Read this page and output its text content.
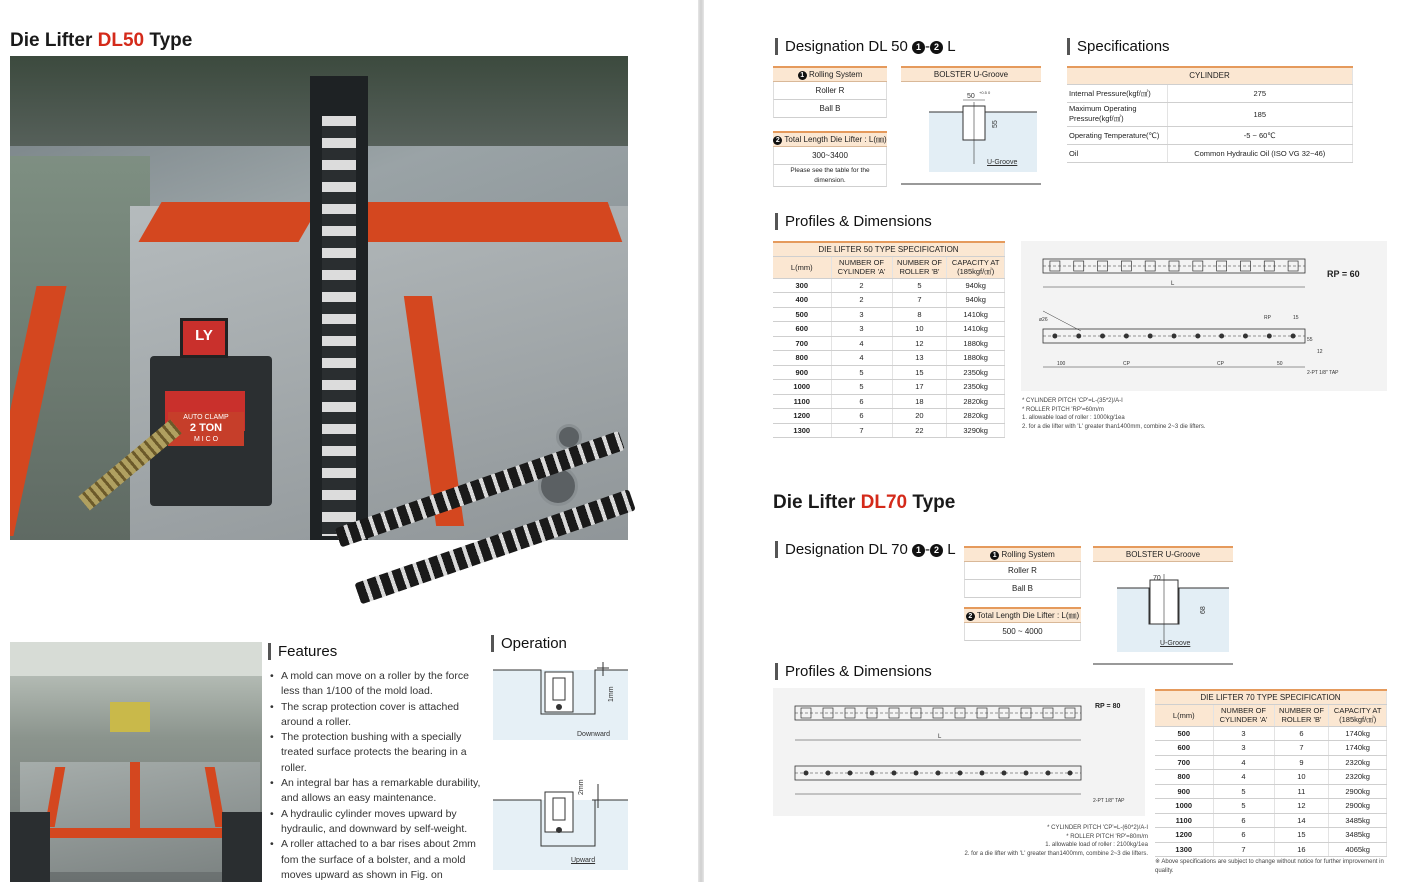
Die Lifter DL50 Type
LY
AUTO CLAMP
2 TON
M I C O
Features
• A mold can move on a roller by the force less than 1/100 of the mold load.
• The scrap protection cover is attached around a roller.
• The protection bushing with a specially treated surface protects the bearing in a roller.
• An integral bar has a remarkable durability, and allows an easy maintenance.
• A hydraulic cylinder moves upward by hydraulic, and downward by self-weight.
• A roller attached to a bar rises about 2mm fom the surface of a bolster, and a mold moves upward as shown in Fig. on
Operation
1mm
2mm
Downward
Upward
Designation DL 50 1 - 2 L
1 Rolling System
Roller R
Ball B
2 Total Length Die Lifter : L(㎜)
300~3400
Please see the table for the dimension.
BOLSTER U-Groove
50
+0.5 0
55
U-Groove
Specifications
CYLINDER	
Internal Pressure(kgf/㎠)	275
Maximum Operating Pressure(kgf/㎠)	185
Operating Temperature(℃)	-5 ~ 60℃
Oil	Common Hydraulic Oil (ISO VG 32~46)
Profiles & Dimensions
DIE LIFTER 50 TYPE SPECIFICATION			
L(mm)	NUMBER OF CYLINDER 'A'	NUMBER OF ROLLER 'B'	CAPACITY AT (185kgf/㎠)
300	2	5	940kg
400	2	7	940kg
500	3	8	1410kg
600	3	10	1410kg
700	4	12	1880kg
800	4	13	1880kg
900	5	15	2350kg
1000	5	17	2350kg
1100	6	18	2820kg
1200	6	20	2820kg
1300	7	22	3290kg
L
RP = 60
ø26	RP	15
55
100	CP	CP	50
12
2-PT 1/8" TAP
* CYLINDER PITCH 'CP'=L-(35*2)/A-I
* ROLLER PITCH 'RP'=60m/m
1. allowable load of roller : 1000kg/1ea
2. for a die lifter with 'L' greater than1400mm, combine 2~3 die lifters.
Die Lifter DL70 Type
Designation DL 70 1 - 2 L	1 Rolling System
Roller R
Ball B
2 Total Length Die Lifter : L(㎜)
500 ~ 4000
BOLSTER U-Groove
70
68
U-Groove
Profiles & Dimensions
L
RP = 80
2-PT 1/8" TAP
* CYLINDER PITCH 'CP'=L-(60*2)/A-I
* ROLLER PITCH 'RP'=80m/m
1. allowable load of roller : 2100kg/1ea
2. for a die lifter with 'L' greater than1400mm, combine 2~3 die lifters.
DIE LIFTER 70 TYPE SPECIFICATION			
L(mm)	NUMBER OF CYLINDER 'A'	NUMBER OF ROLLER 'B'	CAPACITY AT (185kgf/㎠)
500	3	6	1740kg
600	3	7	1740kg
700	4	9	2320kg
800	4	10	2320kg
900	5	11	2900kg
1000	5	12	2900kg
1100	6	14	3485kg
1200	6	15	3485kg
1300	7	16	4065kg
※ Above specifications are subject to change without notice for further improvement in quality.
